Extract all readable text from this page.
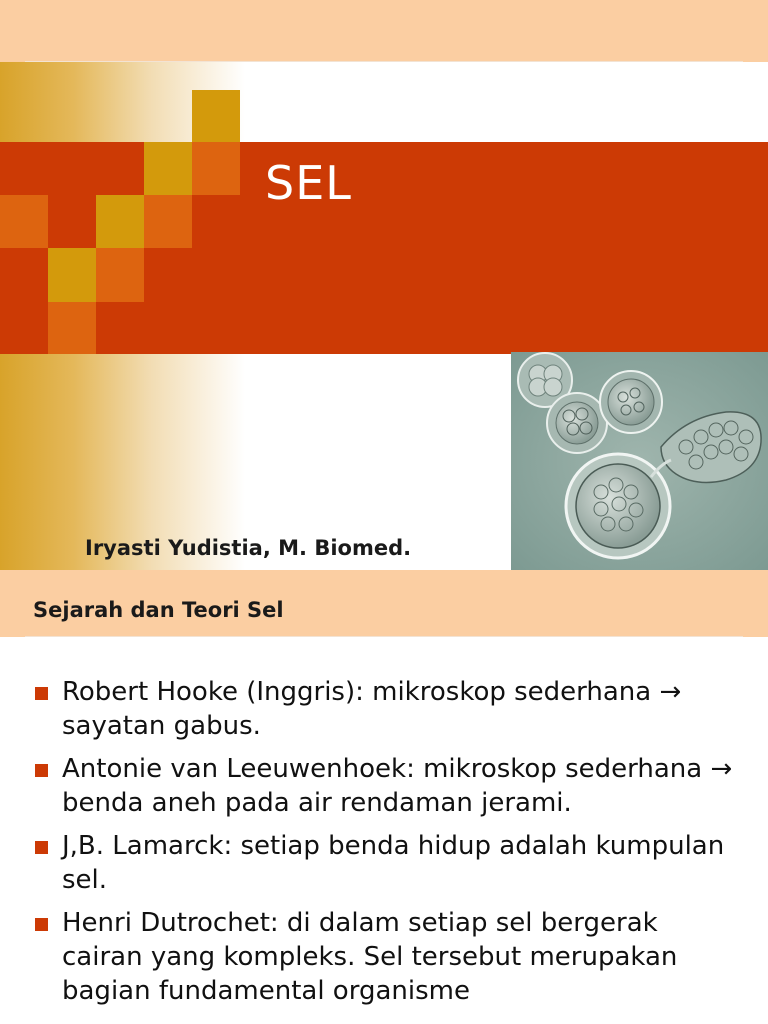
SEL
Iryasti Yudistia, M. Biomed.
Sejarah dan Teori Sel
Robert Hooke (Inggris): mikroskop sederhana → sayatan gabus.
Antonie van Leeuwenhoek: mikroskop sederhana → benda aneh pada air rendaman jerami.
J,B. Lamarck: setiap benda hidup adalah kumpulan sel.
Henri Dutrochet: di dalam setiap sel bergerak cairan yang kompleks. Sel tersebut merupakan bagian fundamental organisme
